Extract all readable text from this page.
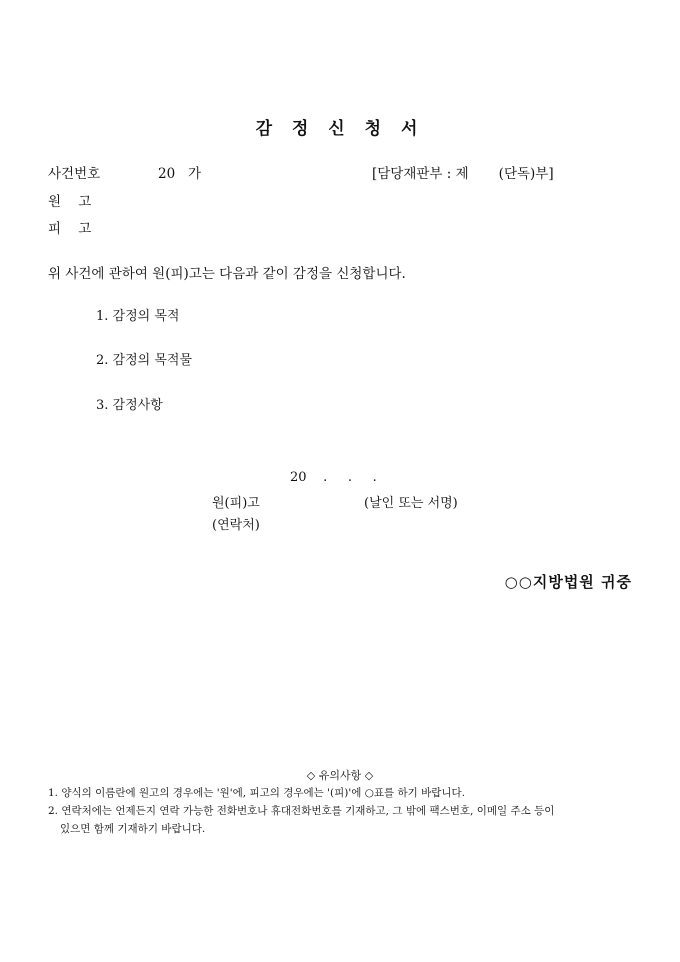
감 정 신 청 서
사건번호	20   가	[담당재판부 : 제       (단독)부]
원    고
피    고
위 사건에 관하여 원(피)고는 다음과 같이 감정을 신청합니다.
1. 감정의 목적
2. 감정의 목적물
3. 감정사항
20    .     .     .
원(피)고	(날인 또는 서명)
(연락처)
○○지방법원 귀중
◇ 유의사항 ◇
1. 양식의 이름란에 원고의 경우에는 '원'에, 피고의 경우에는 '(피)'에 ○표를 하기 바랍니다.
2. 연락처에는 언제든지 연락 가능한 전화번호나 휴대전화번호를 기재하고, 그 밖에 팩스번호, 이메일 주소 등이
있으면 함께 기재하기 바랍니다.
